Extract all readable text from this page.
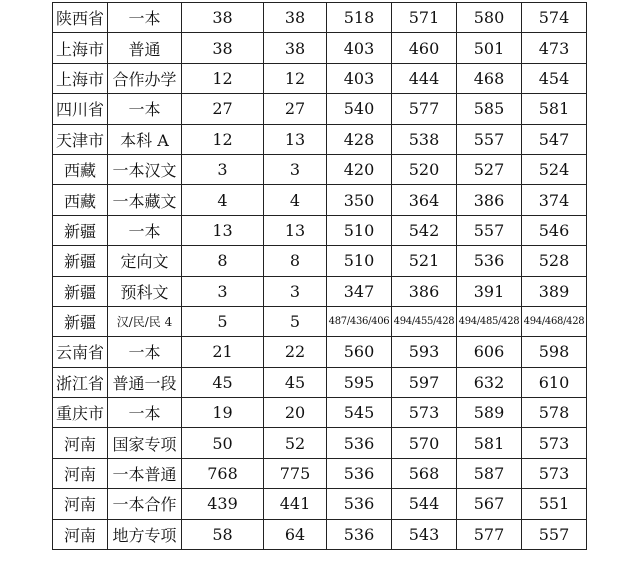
陕西省	一本	38	38	518	571	580	574
上海市	普通	38	38	403	460	501	473
上海市	合作办学	12	12	403	444	468	454
四川省	一本	27	27	540	577	585	581
天津市	本科 A	12	13	428	538	557	547
西藏	一本汉文	3	3	420	520	527	524
西藏	一本藏文	4	4	350	364	386	374
新疆	一本	13	13	510	542	557	546
新疆	定向文	8	8	510	521	536	528
新疆	预科文	3	3	347	386	391	389
新疆	汉/民/民 4	5	5	487/436/406	494/455/428	494/485/428	494/468/428
云南省	一本	21	22	560	593	606	598
浙江省	普通一段	45	45	595	597	632	610
重庆市	一本	19	20	545	573	589	578
河南	国家专项	50	52	536	570	581	573
河南	一本普通	768	775	536	568	587	573
河南	一本合作	439	441	536	544	567	551
河南	地方专项	58	64	536	543	577	557
